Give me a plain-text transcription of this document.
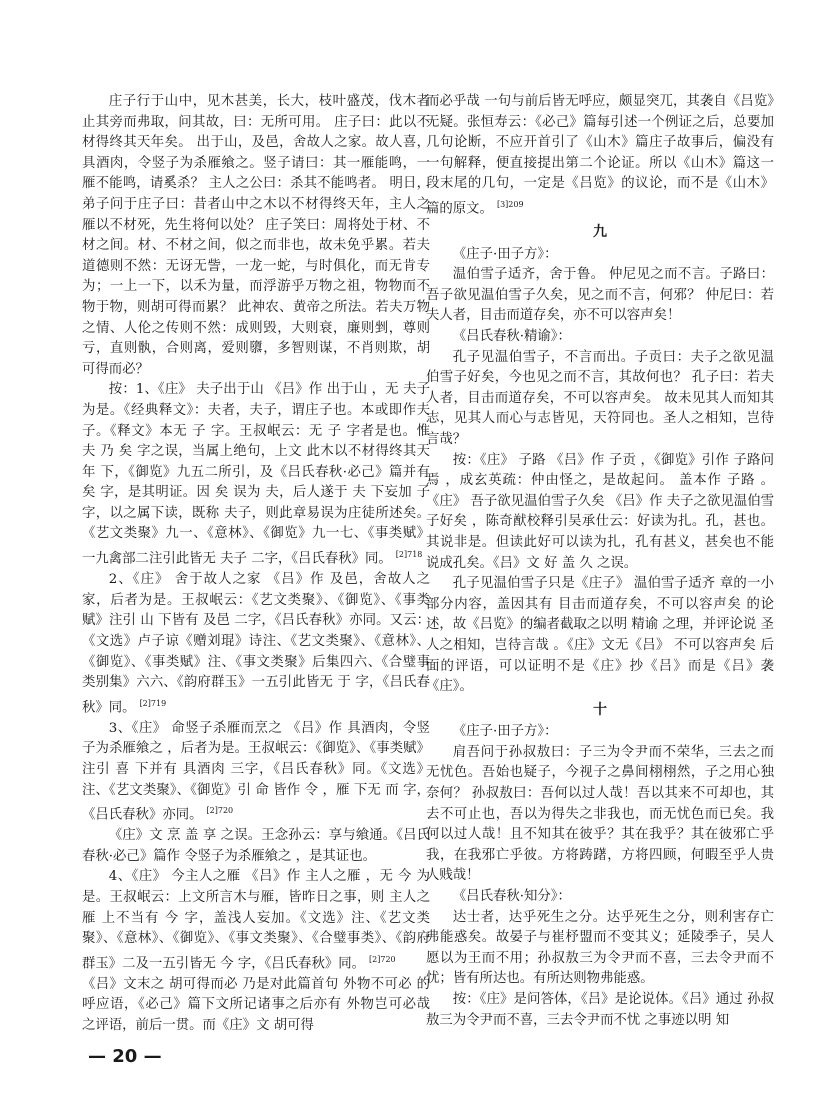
庄子行于山中，见木甚美，长大，枝叶盛茂，伐木者止其旁而弗取，问其故，曰：无所可用。 庄子曰：此以不材得终其天年矣。 出于山，及邑，舍故人之家。故人喜，具酒肉，令竖子为杀雁飨之。竖子请曰：其一雁能鸣，一雁不能鸣，请奚杀？ 主人之公曰：杀其不能鸣者。 明日，弟子问于庄子曰：昔者山中之木以不材得终天年，主人之雁以不材死，先生将何以处？ 庄子笑曰：周将处于材、不材之间。材、不材之间，似之而非也，故未免乎累。若夫道德则不然：无讶无訾，一龙一蛇，与时俱化，而无肯专为；一上一下，以禾为量，而浮游乎万物之祖，物物而不物于物，则胡可得而累？ 此神农、黄帝之所法。若夫万物之情、人伦之传则不然：成则毁，大则衰，廉则剉，尊则亏，直则骫，合则离，爱则隳，多智则谋，不肖则欺，胡可得而必？

按：1、《庄》 夫子出于山 《吕》作 出于山 ，无 夫子 为是。《经典释文》：夫者，夫子，谓庄子也。本或即作夫子。《释文》本无 子 字。王叔岷云：无 子 字者是也。惟 夫 乃 矣 字之误，当属上绝句，上文 此木以不材得终其天年 下，《御览》九五二所引，及《吕氏春秋·必己》篇并有 矣 字，是其明证。因 矣 误为 夫，后人遂于 夫 下妄加 子 字，以之属下读，既称 夫子，则此章易误为庄徒所述矣。《艺文类聚》九一、《意林》、《御览》九一七、《事类赋》一九禽部二注引此皆无 夫子 二字，《吕氏春秋》同。 $^{[2]718}$

2、《庄》 舍于故人之家 《吕》作 及邑，舍故人之家，后者为是。王叔岷云：《艺文类聚》、《御览》、《事类赋》注引 山 下皆有 及邑 二字，《吕氏春秋》亦同。又云：《文选》卢子谅《赠刘琨》诗注、《艺文类聚》、《意林》、《御览》、《事类赋》注、《事文类聚》后集四六、《合璧事类别集》六六、《韵府群玉》一五引此皆无 于 字，《吕氏春秋》同。 $^{[2]719}$

3、《庄》 命竖子杀雁而烹之 《吕》作 具酒肉，令竖子为杀雁飨之 ，后者为是。王叔岷云：《御览》、《事类赋》注引 喜 下并有 具酒肉 三字，《吕氏春秋》同。《文选》注、《艺文类聚》、《御览》引 命 皆作 令 ，雁 下无 而 字，《吕氏春秋》亦同。 $^{[2]720}$

《庄》文 烹 盖 享 之误。王念孙云：享与飨通。《吕氏春秋·必己》篇作 令竖子为杀雁飨之 ，是其证也。

4、《庄》 今主人之雁 《吕》作 主人之雁 ，无 今 为是。王叔岷云：上文所言木与雁，皆昨日之事，则 主人之雁 上不当有 今 字，盖浅人妄加。《文选》注、《艺文类聚》、《意林》、《御览》、《事文类聚》、《合璧事类》、《韵府群玉》二及一五引皆无 今 字，《吕氏春秋》同。 $^{[2]720}$

《吕》文末之 胡可得而必 乃是对此篇首句 外物不可必 的呼应语，《必己》篇下文所记诸事之后亦有 外物岂可必哉 之评语，前后一贯。而《庄》文 胡可得

而必乎哉 一句与前后皆无呼应，颇显突兀，其袭自《吕览》无疑。张恒寿云：《必己》篇每引述一个例证之后，总要加几句论断，不应开首引了《山木》篇庄子故事后，偏没有一句解释，便直接提出第二个论证。所以《山木》篇这一段末尾的几句，一定是《吕览》的议论，而不是《山木》篇的原文。 $^{[3]209}$

九

《庄子·田子方》：

温伯雪子适齐，舍于鲁。 仲尼见之而不言。子路曰：吾子欲见温伯雪子久矣，见之而不言，何邪？ 仲尼曰：若夫人者，目击而道存矣，亦不可以容声矣！

《吕氏春秋·精谕》：

孔子见温伯雪子，不言而出。子贡曰：夫子之欲见温伯雪子好矣，今也见之而不言，其故何也？ 孔子曰：若夫人者，目击而道存矣，不可以容声矣。 故未见其人而知其志，见其人而心与志皆见，天符同也。圣人之相知，岂待言哉？

按：《庄》 子路 《吕》作 子贡 ，《御览》引作 子路问焉 ，成玄英疏：仲由怪之，是故起问。 盖本作 子路 。《庄》 吾子欲见温伯雪子久矣 《吕》作 夫子之欲见温伯雪子好矣 ，陈奇猷校释引吴承仕云：好读为扎。孔，甚也。 其说非是。但读此好可以读为扎，孔有甚义，甚矣也不能说成孔矣。《吕》文 好 盖 久 之误。

孔子见温伯雪子只是《庄子》 温伯雪子适齐 章的一小部分内容，盖因其有 目击而道存矣，不可以容声矣 的论述，故《吕览》的编者截取之以明 精谕 之理，并评论说 圣人之相知，岂待言哉 。《庄》文无《吕》 不可以容声矣 后面的评语，可以证明不是《庄》抄《吕》而是《吕》袭《庄》。

十

《庄子·田子方》：

肩吾问于孙叔敖曰：子三为令尹而不荣华，三去之而无忧色。吾始也疑子，今视子之鼻间栩栩然，子之用心独奈何？ 孙叔敖曰：吾何以过人哉！吾以其来不可却也，其去不可止也，吾以为得失之非我也，而无忧色而已矣。我何以过人哉！且不知其在彼乎？其在我乎？其在彼邪亡乎我，在我邪亡乎彼。方将踌躇，方将四顾，何暇至乎人贵人贱哉！

《吕氏春秋·知分》：

达士者，达乎死生之分。达乎死生之分，则利害存亡弗能惑矣。故晏子与崔杼盟而不变其义；延陵季子，吴人愿以为王而不用；孙叔敖三为令尹而不喜，三去令尹而不忧；皆有所达也。有所达则物弗能惑。

按：《庄》是问答体，《吕》是论说体。《吕》通过 孙叔敖三为令尹而不喜，三去令尹而不忧 之事迹以明 知

— 20 —
